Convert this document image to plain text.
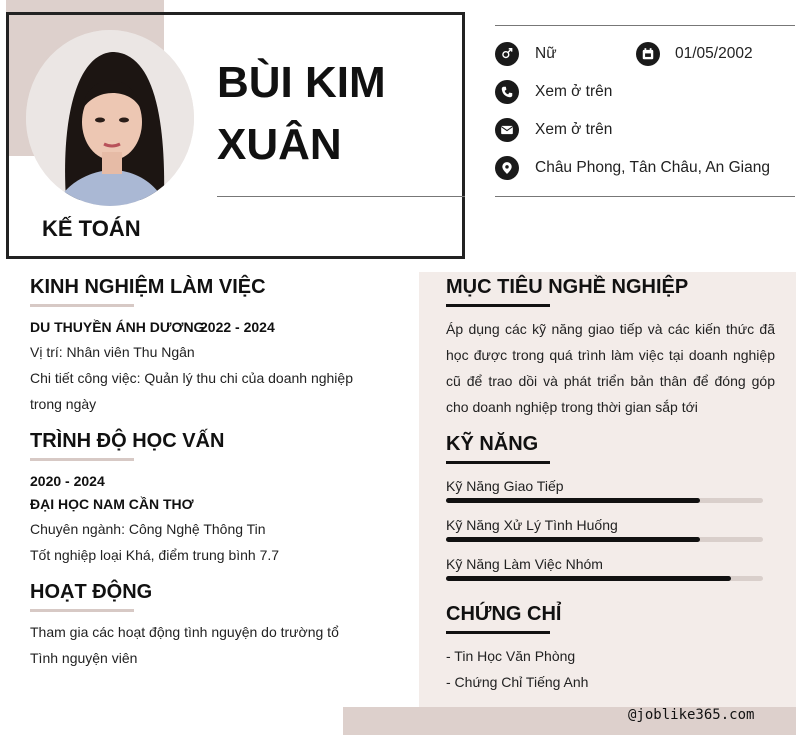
BÙI KIM
XUÂN
KẾ TOÁN
Nữ	01/05/2002
Xem ở trên
Xem ở trên
Châu Phong, Tân Châu, An Giang
KINH NGHIỆM LÀM VIỆC
DU THUYỀN ÁNH DƯƠNG
2022 - 2024
Vị trí: Nhân viên Thu Ngân
Chi tiết công việc: Quản lý thu chi của doanh nghiệp
trong ngày
TRÌNH ĐỘ HỌC VẤN
2020 - 2024
ĐẠI HỌC NAM CẦN THƠ
Chuyên ngành: Công Nghệ Thông Tin
Tốt nghiệp loại Khá, điểm trung bình 7.7
HOẠT ĐỘNG
Tham gia các hoạt động tình nguyện do trường tổ
Tình nguyện viên
MỤC TIÊU NGHỀ NGHIỆP
Áp dụng các kỹ năng giao tiếp và các kiến thức đã
học được trong quá trình làm việc tại doanh nghiệp
cũ để trao dồi và phát triển bản thân để đóng góp
cho doanh nghiệp trong thời gian sắp tới
KỸ NĂNG
Kỹ Năng Giao Tiếp
Kỹ Năng Xử Lý Tình Huống
Kỹ Năng Làm Việc Nhóm
CHỨNG CHỈ
- Tin Học Văn Phòng
- Chứng Chỉ Tiếng Anh
@joblike365.com
